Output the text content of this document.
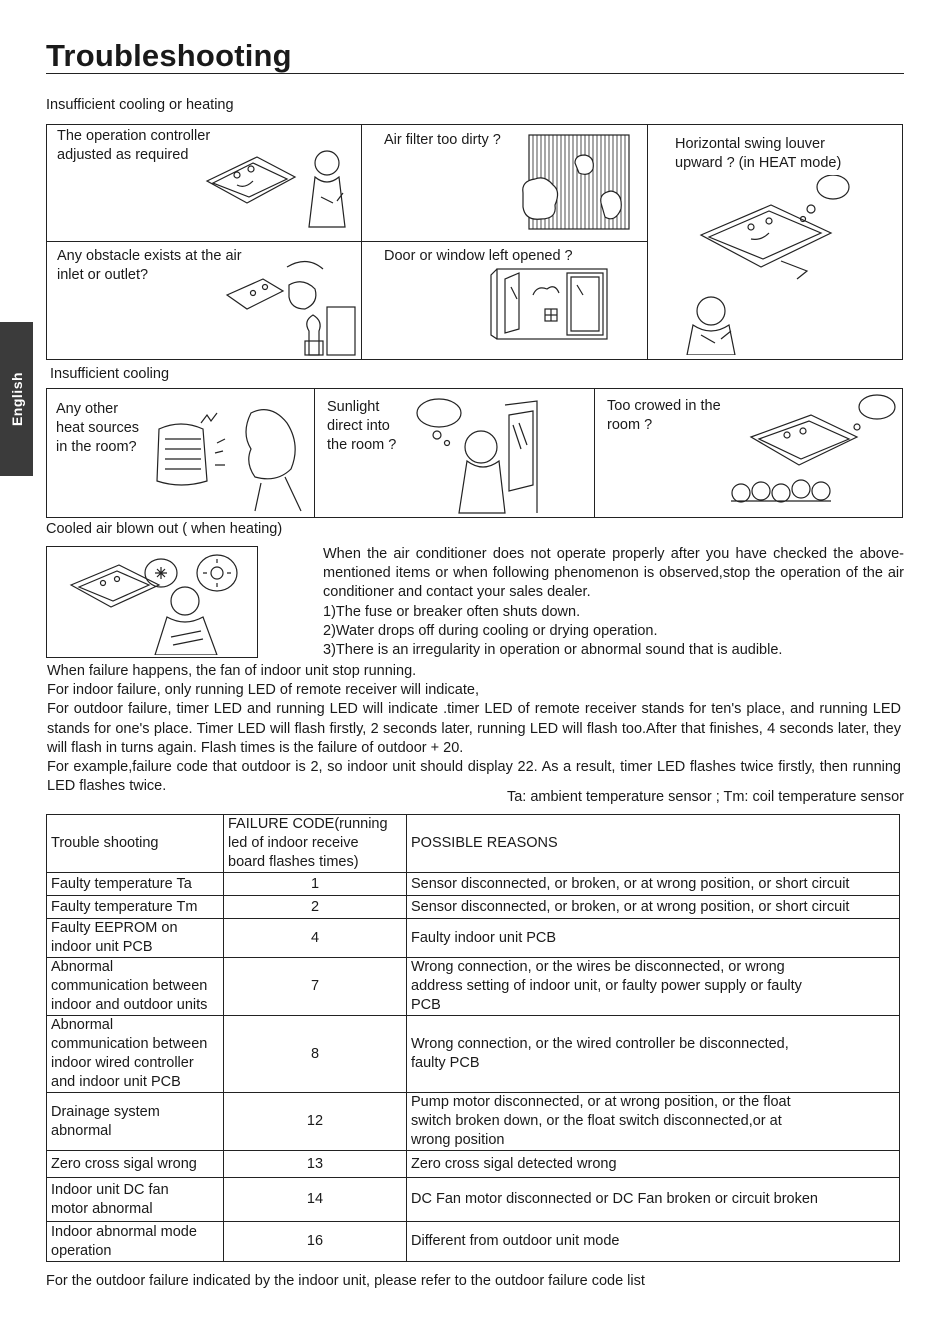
Troubleshooting
English
Insufficient cooling or heating
The operation controller
adjusted as required
Air filter too dirty ?	Horizontal swing louver
upward ? (in HEAT mode)
Any obstacle exists at the air
inlet or outlet?
Door or window left opened ?
Insufficient cooling
Any other
heat sources
in the room?
Sunlight
direct into
the room ?
Too crowed in the
room ?
Cooled air blown out ( when heating)

When the air conditioner does not operate properly after you have checked the above-mentioned items or when following phenomenon is observed,stop the operation of the air conditioner and contact your sales dealer.

1)The fuse or breaker often shuts down.

2)Water drops off during cooling or drying operation.

3)There is an irregularity in operation or abnormal sound that is audible.

When failure happens, the fan of indoor unit stop running.

For indoor failure, only running LED of remote receiver will indicate,

For outdoor failure, timer LED and running LED will indicate .timer LED of remote receiver stands for ten's place, and running LED stands for one's place. Timer LED will flash firstly, 2 seconds later, running LED will flash too.After that finishes, 4 seconds later, they will flash in turns again. Flash times is the failure of outdoor + 20.

For example,failure code that outdoor is 2, so indoor unit should display 22. As a result, timer LED flashes twice firstly, then running LED flashes twice.

Ta: ambient temperature sensor ; Tm: coil temperature sensor
Trouble shooting	FAILURE CODE(running
led of indoor receive
board flashes times)	POSSIBLE REASONS
Faulty temperature Ta	1	Sensor disconnected, or broken, or at wrong position, or short circuit
Faulty temperature Tm	2	Sensor disconnected, or broken, or at wrong position, or short circuit
Faulty EEPROM on
indoor unit PCB	4	Faulty indoor unit PCB
Abnormal
communication between
indoor and outdoor units	7	Wrong connection, or the wires be disconnected, or wrong
address setting of indoor unit, or faulty power supply or faulty
PCB
Abnormal
communication between
indoor wired controller
and indoor unit PCB	8	Wrong connection, or the wired controller be disconnected,
faulty PCB
Drainage system
abnormal	12	Pump motor disconnected, or at wrong position, or the float
switch broken down, or the float switch disconnected,or at
wrong position
Zero cross sigal wrong	13	Zero cross sigal detected wrong
Indoor unit DC fan
motor abnormal	14	DC Fan motor disconnected or DC Fan broken or circuit broken
Indoor abnormal mode
operation	16	Different from outdoor unit mode
For the outdoor failure indicated by the indoor unit, please refer to the outdoor failure code list
